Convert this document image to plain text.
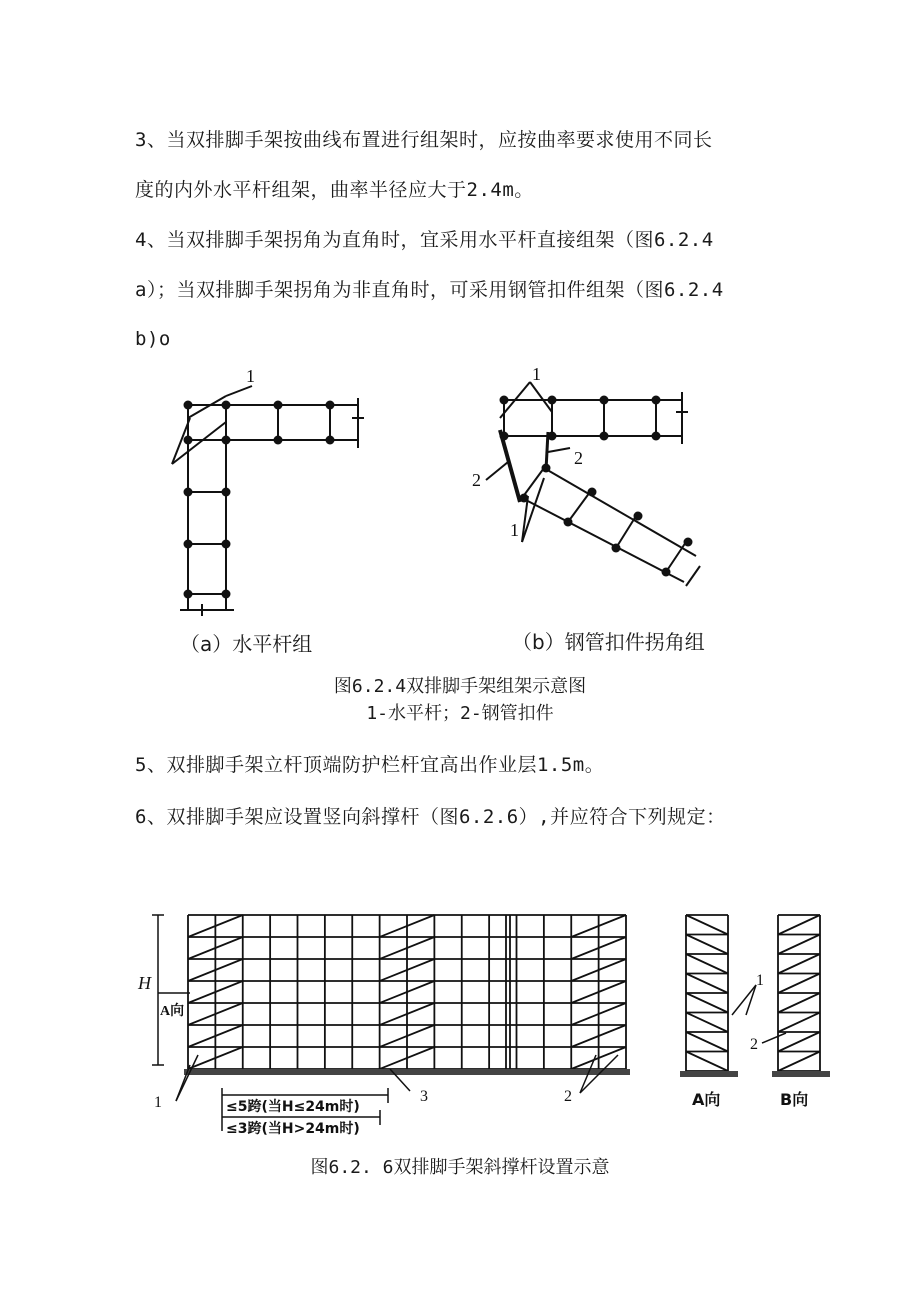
3、当双排脚手架按曲线布置进行组架时，应按曲率要求使用不同长

度的内外水平杆组架，曲率半径应大于2.4m。

4、当双排脚手架拐角为直角时，宜采用水平杆直接组架（图6.2.4

a）；当双排脚手架拐角为非直角时，可采用钢管扣件组架（图6.2.4

b)o

1	1
2
2
1

（a）水平杆组	（b）钢管扣件拐角组

图6.2.4双排脚手架组架示意图

1-水平杆；2-钢管扣件

5、双排脚手架立杆顶端防护栏杆宜高出作业层1.5m。

6、双排脚手架应设置竖向斜撑杆（图6.2.6）,并应符合下列规定：

H
A向
≤5跨(当H≤24m时)
≤3跨(当H>24m时)
1	3	2
1
2
A向	B向

图6.2. 6双排脚手架斜撑杆设置示意
